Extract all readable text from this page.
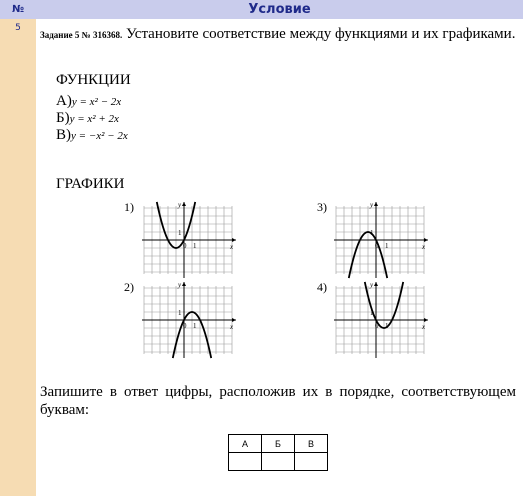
№	Условие
5
Задание 5 № 316368. Установите соответствие между функциями и их графиками.
ФУНКЦИИ
А)y = x² − 2x
Б)y = x² + 2x
В)y = −x² − 2x
ГРАФИКИ
1)	3)
2)	4)
y
x
0 1
1
y
x
0 1
1
y
x
0 1
1
y
x
0 1
1
Запишите в ответ цифры, расположив их в порядке, соответствующем буквам:
А	Б	В
